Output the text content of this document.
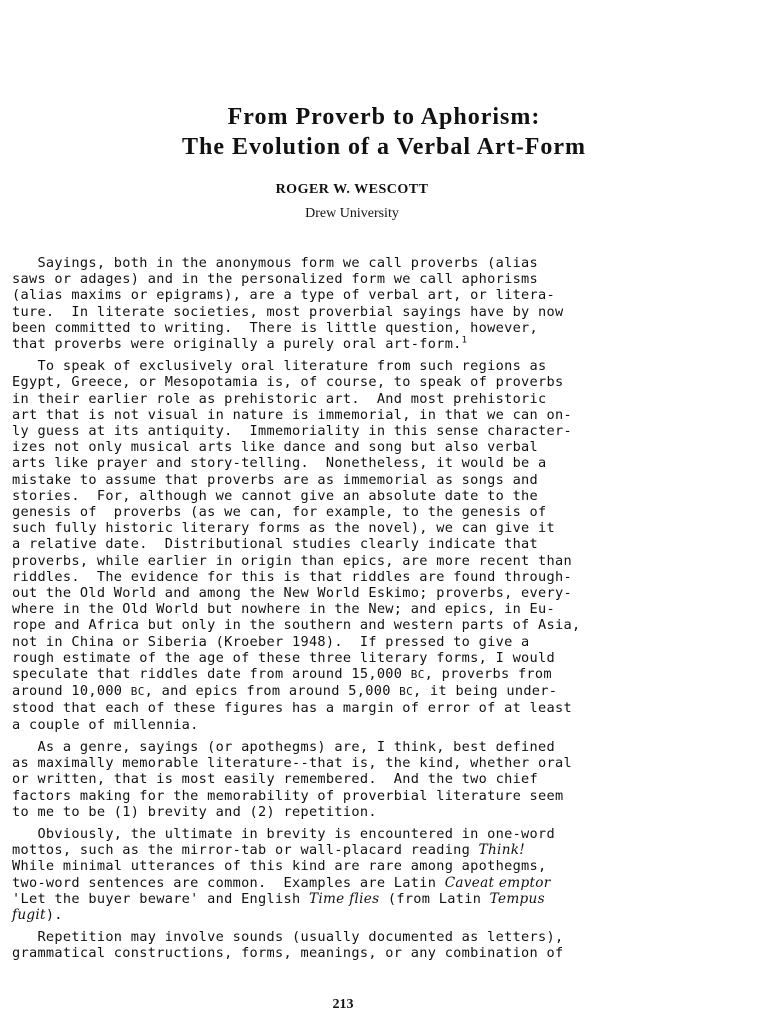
From Proverb to Aphorism:
The Evolution of a Verbal Art-Form
ROGER W. WESCOTT
Drew University

Sayings, both in the anonymous form we call proverbs (alias
saws or adages) and in the personalized form we call aphorisms
(alias maxims or epigrams), are a type of verbal art, or litera-
ture.  In literate societies, most proverbial sayings have by now
been committed to writing.  There is little question, however,
that proverbs were originally a purely oral art-form.$^1$

To speak of exclusively oral literature from such regions as
Egypt, Greece, or Mesopotamia is, of course, to speak of proverbs
in their earlier role as prehistoric art.  And most prehistoric
art that is not visual in nature is immemorial, in that we can on-
ly guess at its antiquity.  Immemoriality in this sense character-
izes not only musical arts like dance and song but also verbal
arts like prayer and story-telling.  Nonetheless, it would be a
mistake to assume that proverbs are as immemorial as songs and
stories.  For, although we cannot give an absolute date to the
genesis of  proverbs (as we can, for example, to the genesis of
such fully historic literary forms as the novel), we can give it
a relative date.  Distributional studies clearly indicate that
proverbs, while earlier in origin than epics, are more recent than
riddles.  The evidence for this is that riddles are found through-
out the Old World and among the New World Eskimo; proverbs, every-
where in the Old World but nowhere in the New; and epics, in Eu-
rope and Africa but only in the southern and western parts of Asia,
not in China or Siberia (Kroeber 1948).  If pressed to give a
rough estimate of the age of these three literary forms, I would
speculate that riddles date from around 15,000 BC, proverbs from
around 10,000 BC, and epics from around 5,000 BC, it being under-
stood that each of these figures has a margin of error of at least
a couple of millennia.

As a genre, sayings (or apothegms) are, I think, best defined
as maximally memorable literature--that is, the kind, whether oral
or written, that is most easily remembered.  And the two chief
factors making for the memorability of proverbial literature seem
to me to be (1) brevity and (2) repetition.

Obviously, the ultimate in brevity is encountered in one-word
mottos, such as the mirror-tab or wall-placard reading Think!
While minimal utterances of this kind are rare among apothegms,
two-word sentences are common.  Examples are Latin Caveat emptor
'Let the buyer beware' and English Time flies (from Latin Tempus
fugit).

Repetition may involve sounds (usually documented as letters),
grammatical constructions, forms, meanings, or any combination of

213
